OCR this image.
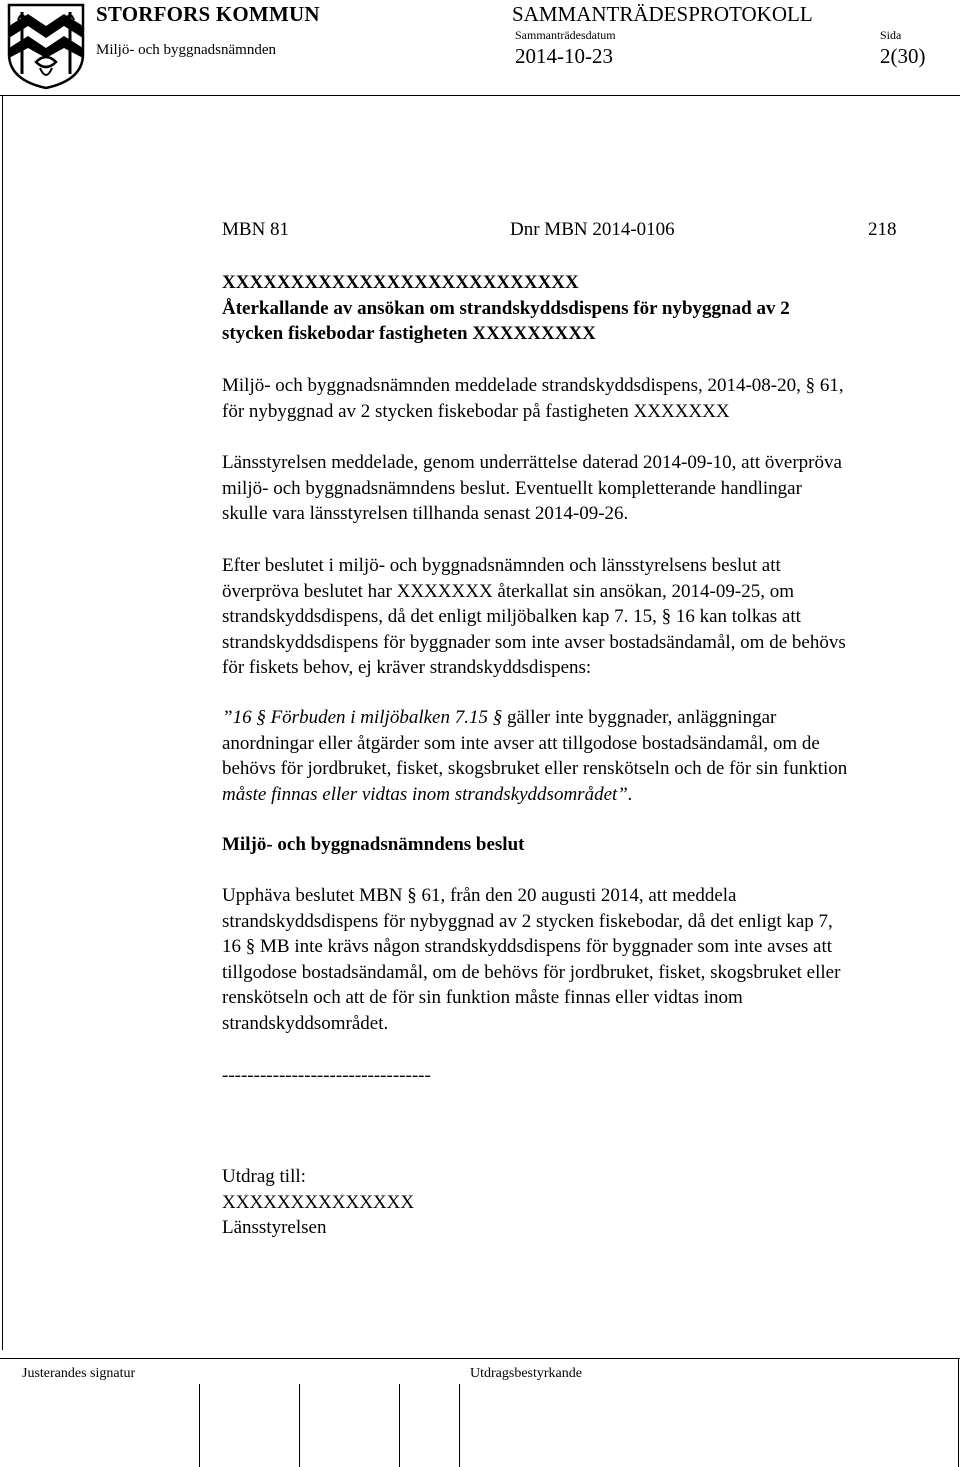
STORFORS KOMMUN
Miljö- och byggnadsnämnden
SAMMANTRÄDESPROTOKOLL
Sammanträdesdatum	Sida
2014-10-23	2(30)
MBN 81	Dnr MBN 2014-0106	218

XXXXXXXXXXXXXXXXXXXXXXXXXX

Återkallande av ansökan om strandskyddsdispens för nybyggnad av 2

stycken fiskebodar fastigheten XXXXXXXXX

Miljö- och byggnadsnämnden meddelade strandskyddsdispens, 2014-08-20, § 61,

för nybyggnad av 2 stycken fiskebodar på fastigheten XXXXXXX

Länsstyrelsen meddelade, genom underrättelse daterad 2014-09-10, att överpröva

miljö- och byggnadsnämndens beslut. Eventuellt kompletterande handlingar

skulle vara länsstyrelsen tillhanda senast 2014-09-26.

Efter beslutet i miljö- och byggnadsnämnden och länsstyrelsens beslut att

överpröva beslutet har XXXXXXX återkallat sin ansökan, 2014-09-25, om

strandskyddsdispens, då det enligt miljöbalken kap 7. 15, § 16 kan tolkas att

strandskyddsdispens för byggnader som inte avser bostadsändamål, om de behövs

för fiskets behov, ej kräver strandskyddsdispens:

”16 § Förbuden i miljöbalken 7.15 § gäller inte byggnader, anläggningar

anordningar eller åtgärder som inte avser att tillgodose bostadsändamål, om de

behövs för jordbruket, fisket, skogsbruket eller renskötseln och de för sin funktion

måste finnas eller vidtas inom strandskyddsområdet”.

Miljö- och byggnadsnämndens beslut

Upphäva beslutet MBN § 61, från den 20 augusti 2014, att meddela

strandskyddsdispens för nybyggnad av 2 stycken fiskebodar, då det enligt kap 7,

16 § MB inte krävs någon strandskyddsdispens för byggnader som inte avses att

tillgodose bostadsändamål, om de behövs för jordbruket, fisket, skogsbruket eller

renskötseln och att de för sin funktion måste finnas eller vidtas inom

strandskyddsområdet.

---------------------------------

Utdrag till:

XXXXXXXXXXXXXX

Länsstyrelsen

Justerandes signatur	Utdragsbestyrkande
